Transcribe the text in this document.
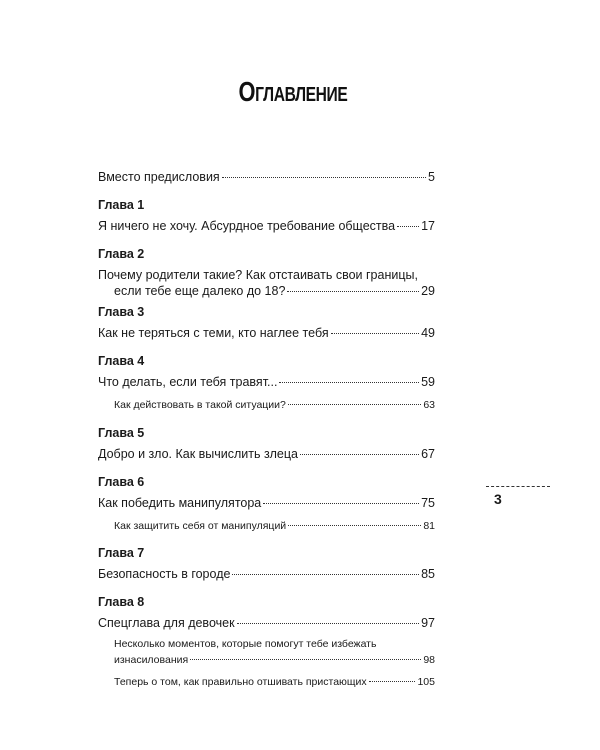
Оглавление
Вместо предисловия	5
Глава 1
Я ничего не хочу. Абсурдное требование общества 17
Глава 2
Почему родители такие? Как отстаивать свои границы,
если тебе еще далеко до 18?	29
Глава 3
Как не теряться с теми, кто наглее тебя	49
Глава 4
Что делать, если тебя травят...	59
Как действовать в такой ситуации?	63
Глава 5
Добро и зло. Как вычислить злеца	67
Глава 6
Как победить манипулятора	75
Как защитить себя от манипуляций	81
Глава 7
Безопасность в городе	85
Глава 8
Спецглава для девочек	97
Несколько моментов, которые помогут тебе избежать
изнасилования	98
Теперь о том, как правильно отшивать пристающих	105
3
